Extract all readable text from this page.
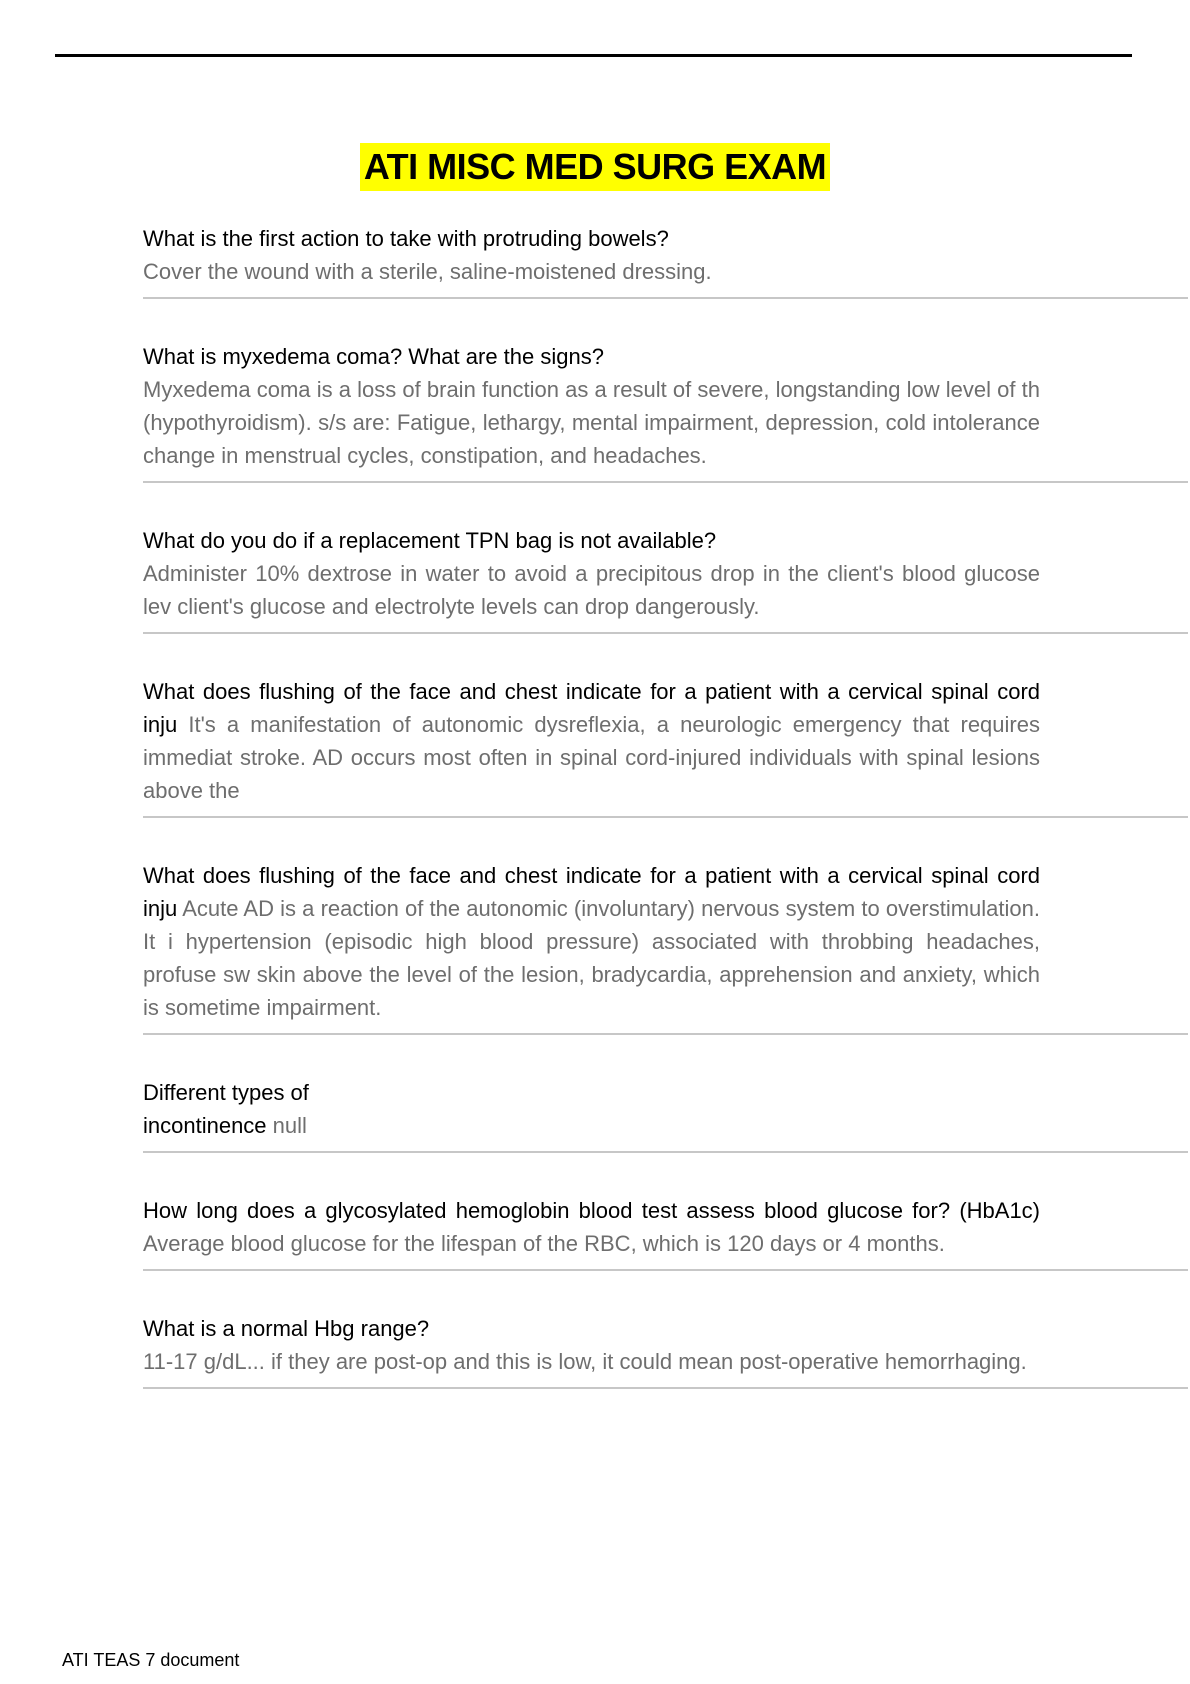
ATI MISC MED SURG EXAM
What is the first action to take with protruding bowels?
Cover the wound with a sterile, saline-moistened dressing.
What is myxedema coma? What are the signs?
Myxedema coma is a loss of brain function as a result of severe, longstanding low level of th (hypothyroidism). s/s are: Fatigue, lethargy, mental impairment, depression, cold intolerance change in menstrual cycles, constipation, and headaches.
What do you do if a replacement TPN bag is not available?
Administer 10% dextrose in water to avoid a precipitous drop in the client's blood glucose lev client's glucose and electrolyte levels can drop dangerously.
What does flushing of the face and chest indicate for a patient with a cervical spinal cord inju It's a manifestation of autonomic dysreflexia, a neurologic emergency that requires immediat stroke. AD occurs most often in spinal cord-injured individuals with spinal lesions above the
What does flushing of the face and chest indicate for a patient with a cervical spinal cord inju Acute AD is a reaction of the autonomic (involuntary) nervous system to overstimulation. It i hypertension (episodic high blood pressure) associated with throbbing headaches, profuse sw skin above the level of the lesion, bradycardia, apprehension and anxiety, which is sometime impairment.
Different types of
incontinence null
How long does a glycosylated hemoglobin blood test assess blood glucose for? (HbA1c) Average blood glucose for the lifespan of the RBC, which is 120 days or 4 months.
What is a normal Hbg range?
11-17 g/dL... if they are post-op and this is low, it could mean post-operative hemorrhaging.
ATI TEAS 7 document
